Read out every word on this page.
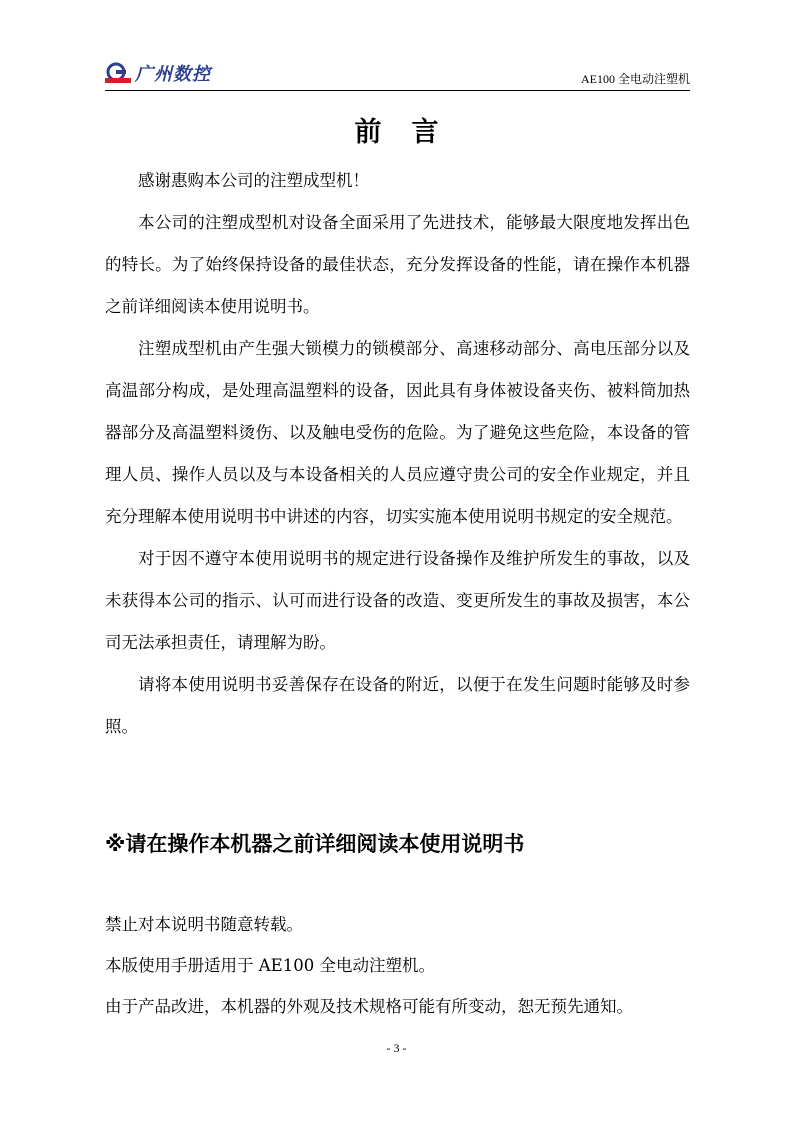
广州数控	AE100 全电动注塑机
前言

感谢惠购本公司的注塑成型机！

本公司的注塑成型机对设备全面采用了先进技术，能够最大限度地发挥出色的特长。为了始终保持设备的最佳状态，充分发挥设备的性能，请在操作本机器之前详细阅读本使用说明书。

注塑成型机由产生强大锁模力的锁模部分、高速移动部分、高电压部分以及高温部分构成，是处理高温塑料的设备，因此具有身体被设备夹伤、被料筒加热器部分及高温塑料烫伤、以及触电受伤的危险。为了避免这些危险，本设备的管理人员、操作人员以及与本设备相关的人员应遵守贵公司的安全作业规定，并且充分理解本使用说明书中讲述的内容，切实实施本使用说明书规定的安全规范。

对于因不遵守本使用说明书的规定进行设备操作及维护所发生的事故，以及未获得本公司的指示、认可而进行设备的改造、变更所发生的事故及损害，本公司无法承担责任，请理解为盼。

请将本使用说明书妥善保存在设备的附近，以便于在发生问题时能够及时参照。

※请在操作本机器之前详细阅读本使用说明书

禁止对本说明书随意转载。

本版使用手册适用于 AE100 全电动注塑机。

由于产品改进，本机器的外观及技术规格可能有所变动，恕无预先通知。

- 3 -
